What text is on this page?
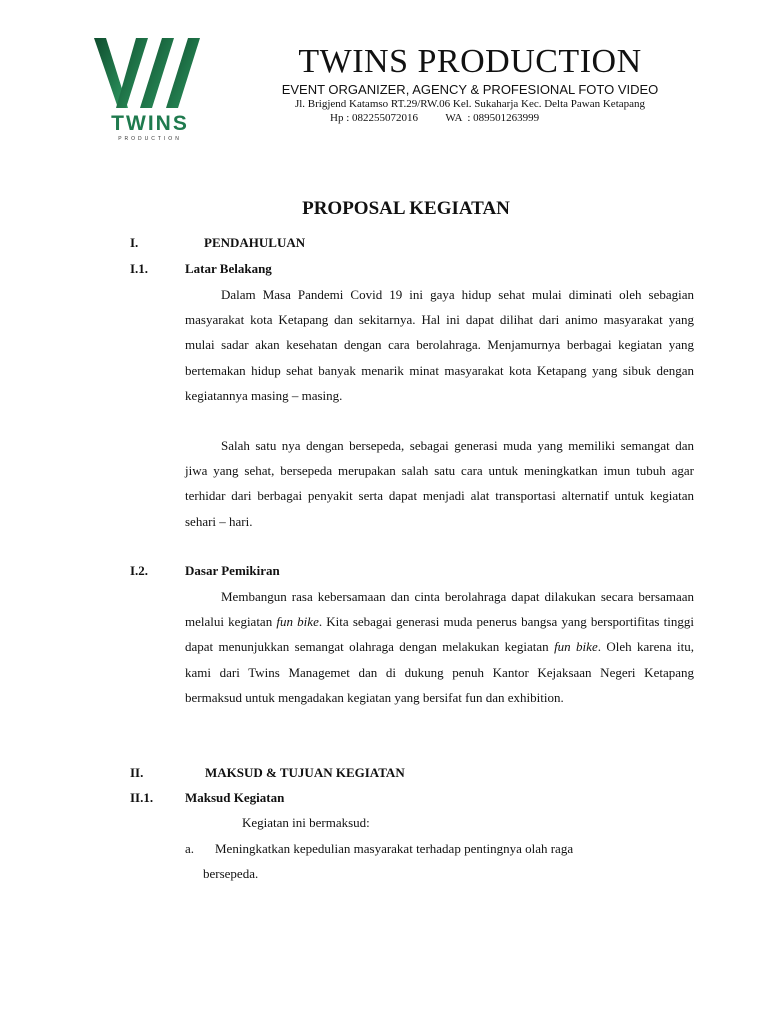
TWINS
PRODUCTION
TWINS PRODUCTION
EVENT ORGANIZER, AGENCY & PROFESIONAL FOTO VIDEO
Jl. Brigjend Katamso RT.29/RW.06 Kel. Sukaharja Kec. Delta Pawan Ketapang
Hp : 082255072016 WA  : 089501263999
PROPOSAL KEGIATAN
I.	PENDAHULUAN
I.1.	Latar Belakang
Dalam Masa Pandemi Covid 19 ini gaya hidup sehat mulai diminati oleh sebagian masyarakat kota Ketapang dan sekitarnya. Hal ini dapat dilihat dari animo masyarakat yang mulai sadar akan kesehatan dengan cara berolahraga. Menjamurnya berbagai kegiatan yang bertemakan hidup sehat banyak menarik minat masyarakat kota Ketapang yang sibuk dengan kegiatannya masing – masing.
Salah satu nya dengan bersepeda, sebagai generasi muda yang memiliki semangat dan jiwa yang sehat, bersepeda merupakan salah satu cara untuk meningkatkan imun tubuh agar terhidar dari berbagai penyakit serta dapat menjadi alat transportasi alternatif untuk kegiatan sehari – hari.
I.2.	Dasar Pemikiran
Membangun rasa kebersamaan dan cinta berolahraga dapat dilakukan secara bersamaan melalui kegiatan fun bike. Kita sebagai generasi muda penerus bangsa yang bersportifitas tinggi dapat menunjukkan semangat olahraga dengan melakukan kegiatan fun bike. Oleh karena itu, kami dari Twins Managemet dan di dukung penuh Kantor Kejaksaan Negeri Ketapang bermaksud untuk mengadakan kegiatan yang bersifat fun dan exhibition.
II.	MAKSUD & TUJUAN KEGIATAN
II.1. Maksud Kegiatan
Kegiatan ini bermaksud:
a. Meningkatkan kepedulian masyarakat terhadap pentingnya olah raga
bersepeda.
